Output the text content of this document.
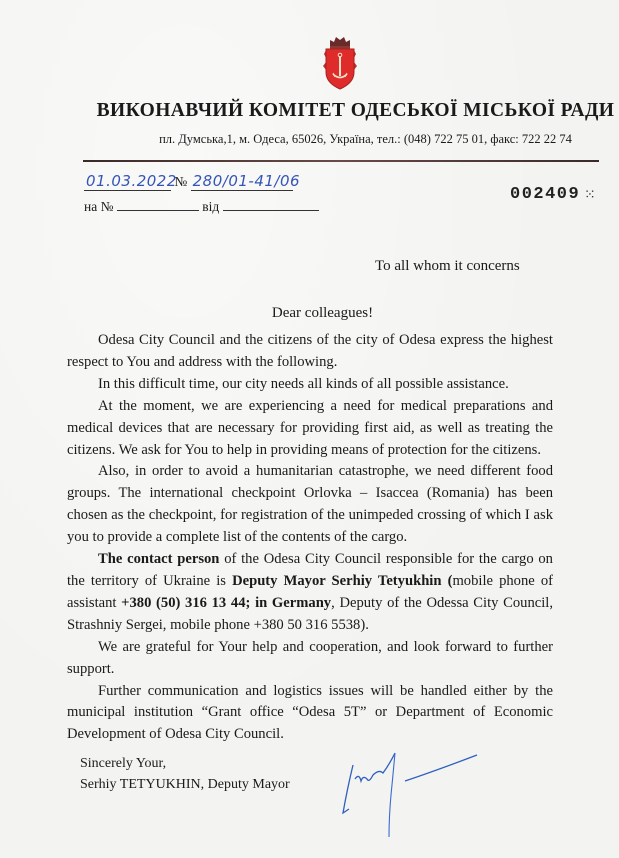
ВИКОНАВЧИЙ КОМІТЕТ ОДЕСЬКОЇ МІСЬКОЇ РАДИ
пл. Думська,1, м. Одеса, 65026, Україна, тел.: (048) 722 75 01, факс: 722 22 74
01.03.2022 № 280/01-41/06
на №	від
002409 ⁙
To all whom it concerns
Dear colleagues!

Odesa City Council and the citizens of the city of Odesa express the highest respect to You and address with the following.

In this difficult time, our city needs all kinds of all possible assistance.

At the moment, we are experiencing a need for medical preparations and medical devices that are necessary for providing first aid, as well as treating the citizens. We ask for You to help in providing means of protection for the citizens.

Also, in order to avoid a humanitarian catastrophe, we need different food groups. The international checkpoint Orlovka – Isaccea (Romania) has been chosen as the checkpoint, for registration of the unimpeded crossing of which I ask you to provide a complete list of the contents of the cargo.

The contact person of the Odesa City Council responsible for the cargo on the territory of Ukraine is Deputy Mayor Serhiy Tetyukhin (mobile phone of assistant +380 (50) 316 13 44; in Germany, Deputy of the Odessa City Council, Strashniy Sergei, mobile phone +380 50 316 5538).

We are grateful for Your help and cooperation, and look forward to further support.

Further communication and logistics issues will be handled either by the municipal institution “Grant office “Odesa 5T” or Department of Economic Development of Odesa City Council.

Sincerely Your,
Serhiy TETYUKHIN, Deputy Mayor
